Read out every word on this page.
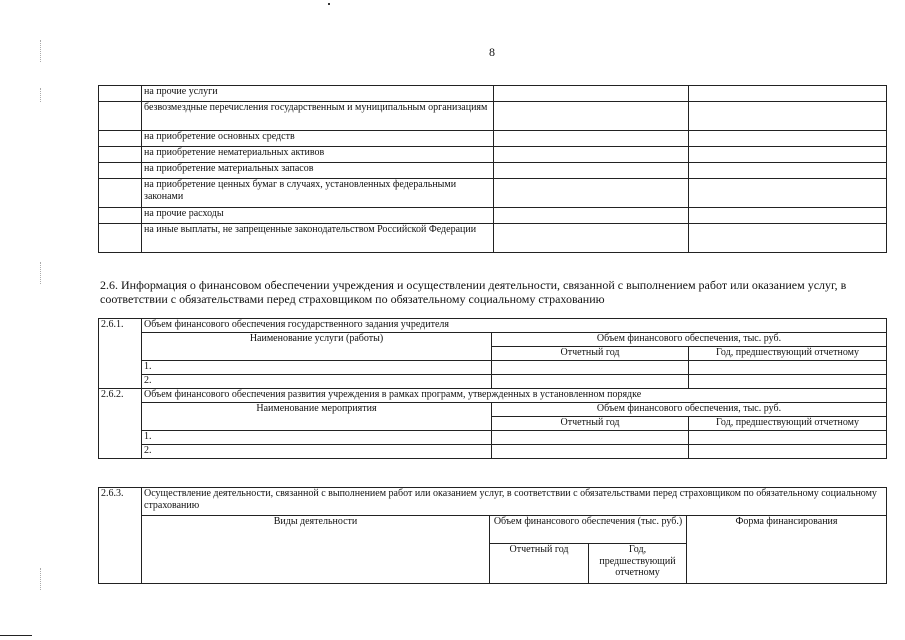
8
	на прочие услуги		
	безвозмездные перечисления государственным и муниципальным организациям		
	на приобретение основных средств		
	на приобретение нематериальных активов		
	на приобретение материальных запасов		
	на приобретение ценных бумаг в случаях, установленных федеральными законами		
	на прочие расходы		
	на иные выплаты, не запрещенные законодательством Российской Федерации		
2.6. Информация о финансовом обеспечении учреждения и осуществлении деятельности, связанной с выполнением работ или оказанием услуг, в соответствии с обязательствами перед страховщиком по обязательному социальному страхованию
2.6.1.	Объем финансового обеспечения государственного задания учредителя		
	Наименование услуги (работы)	Объем финансового обеспечения, тыс. руб.	
		Отчетный год	Год, предшествующий отчетному
	1.		
	2.		
2.6.2.	Объем финансового обеспечения развития учреждения в рамках программ, утвержденных в установленном порядке		
	Наименование мероприятия	Объем финансового обеспечения, тыс. руб.	
		Отчетный год	Год, предшествующий отчетному
	1.		
	2.		
2.6.3.	Осуществление деятельности, связанной с выполнением работ или оказанием услуг, в соответствии с обязательствами перед страховщиком по обязательному социальному страхованию			
	Виды деятельности	Объем финансового обеспечения (тыс. руб.)		Форма финансирования
		Отчетный год	Год, предшествующий отчетному	
